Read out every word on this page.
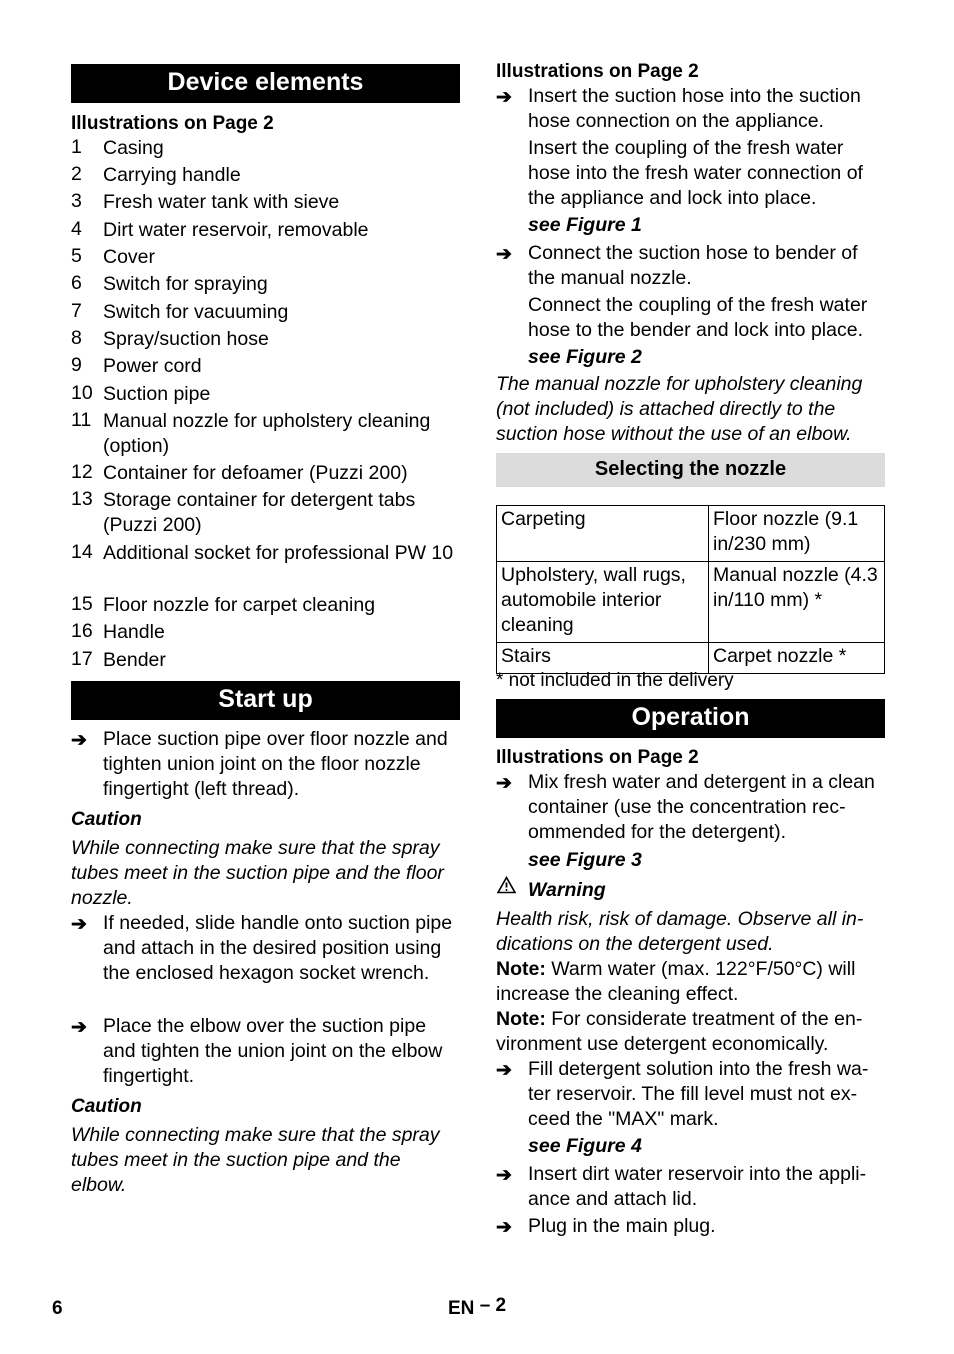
Device elements
Illustrations on Page 2
1	Casing
2	Carrying handle
3	Fresh water tank with sieve
4	Dirt water reservoir, removable
5	Cover
6	Switch for spraying
7	Switch for vacuuming
8	Spray/suction hose
9	Power cord
10 Suction pipe
11 Manual nozzle for upholstery cleaning (option)
12 Container for defoamer (Puzzi 200)
13 Storage container for detergent tabs (Puzzi 200)
14 Additional socket for professional PW 10
15 Floor nozzle for carpet cleaning
16 Handle
17 Bender
Start up
➔ Place suction pipe over floor nozzle and tighten union joint on the floor nozzle fingertight (left thread).
Caution
While connecting make sure that the spray tubes meet in the suction pipe and the floor nozzle.
➔ If needed, slide handle onto suction pipe and attach in the desired position using the enclosed hexagon socket wrench.
➔ Place the elbow over the suction pipe and tighten the union joint on the elbow fingertight.
Caution
While connecting make sure that the spray tubes meet in the suction pipe and the elbow.
Illustrations on Page 2
➔ Insert the suction hose into the suction hose connection on the appliance.
Insert the coupling of the fresh water hose into the fresh water connection of the appliance and lock into place.
see Figure 1
➔ Connect the suction hose to bender of the manual nozzle.
Connect the coupling of the fresh water hose to the bender and lock into place.
see Figure 2
The manual nozzle for upholstery cleaning (not included) is attached directly to the suction hose without the use of an elbow.
Selecting the nozzle
Carpeting	Floor nozzle (9.1 in/230 mm)
Upholstery, wall rugs, automobile interior cleaning	Manual nozzle (4.3 in/110 mm) *
Stairs	Carpet nozzle *
* not included in the delivery
Operation
Illustrations on Page 2
➔ Mix fresh water and detergent in a clean container (use the concentration rec-ommended for the detergent).
see Figure 3
Warning
Health risk, risk of damage. Observe all in-dications on the detergent used.
Note: Warm water (max. 122°F/50°C) will increase the cleaning effect.
Note: For considerate treatment of the en-vironment use detergent economically.
➔ Fill detergent solution into the fresh wa-ter reservoir. The fill level must not ex-ceed the "MAX" mark.
see Figure 4
➔ Insert dirt water reservoir into the appli-ance and attach lid.
➔ Plug in the main plug.
6	EN – 2
